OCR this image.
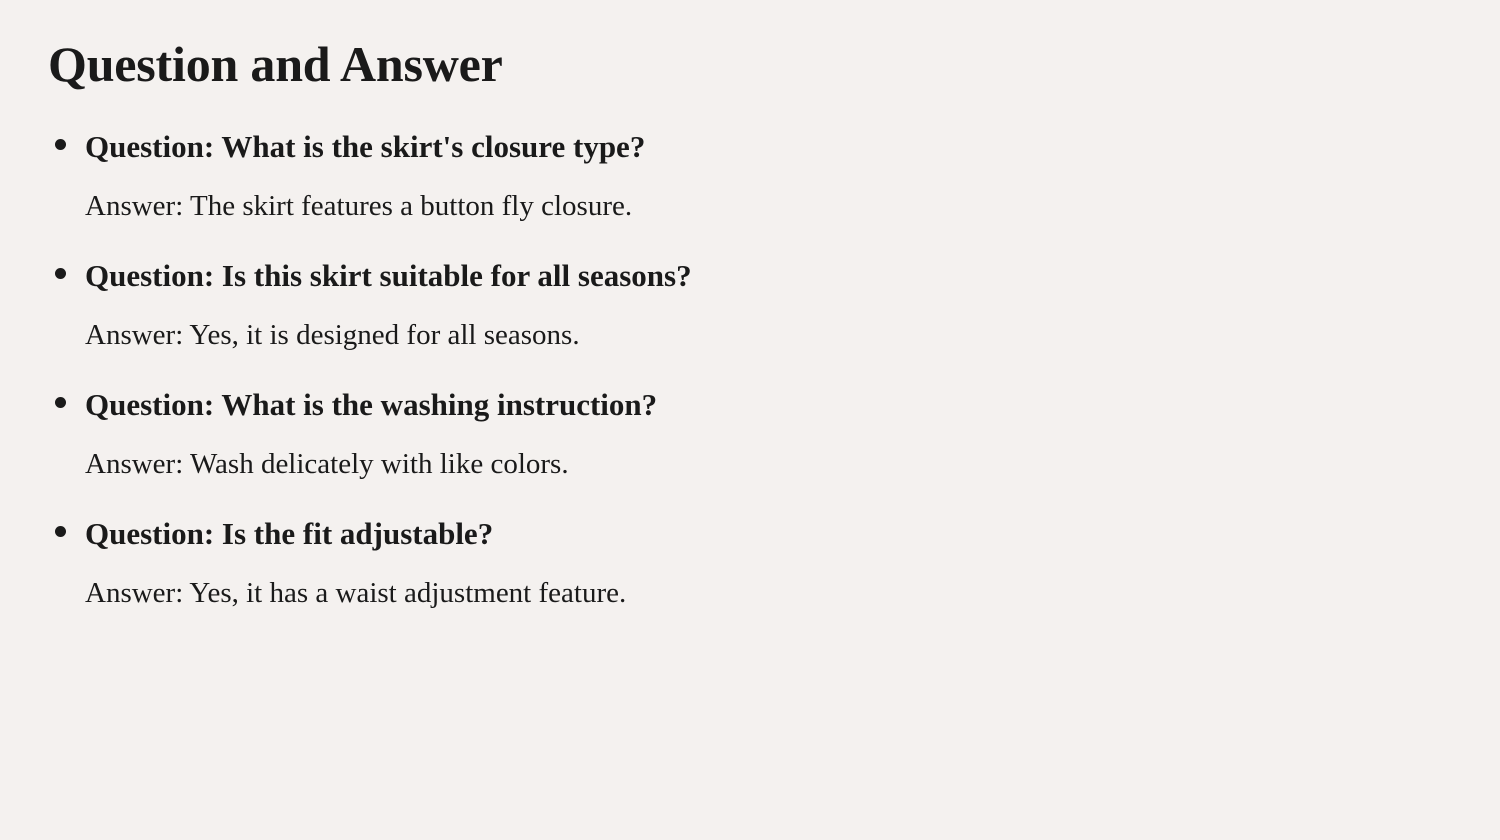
Question and Answer

Question: What is the skirt's closure type?

Answer: The skirt features a button fly closure.

Question: Is this skirt suitable for all seasons?

Answer: Yes, it is designed for all seasons.

Question: What is the washing instruction?

Answer: Wash delicately with like colors.

Question: Is the fit adjustable?

Answer: Yes, it has a waist adjustment feature.
